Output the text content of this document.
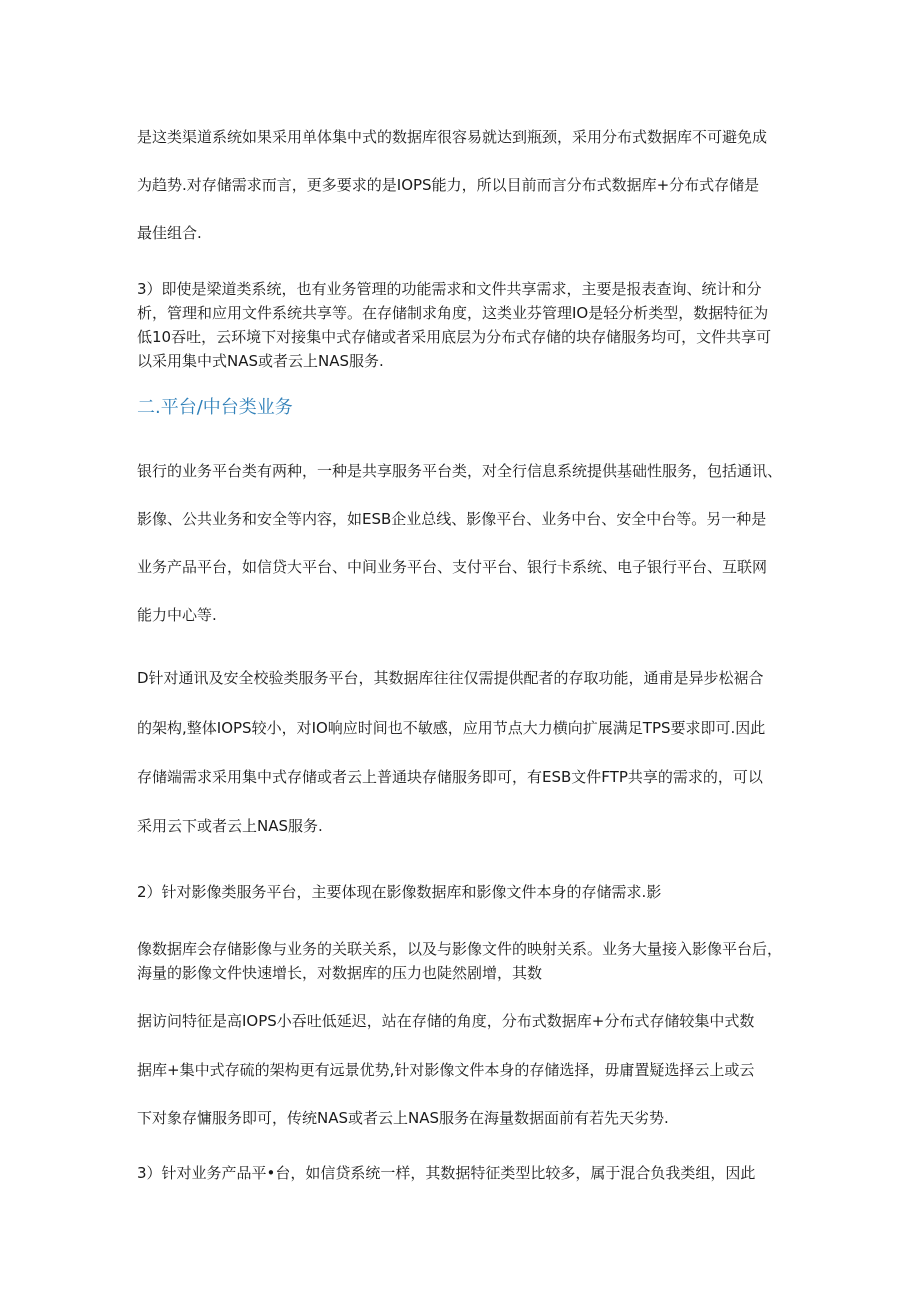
是这类渠道系统如果采用单体集中式的数据库很容易就达到瓶颈，采用分布式数据库不可避免成
为趋势.对存储需求而言，更多要求的是IOPS能力，所以目前而言分布式数据库+分布式存储是
最佳组合.
3）即使是梁道类系统，也有业务管理的功能需求和文件共享需求，主要是报表查询、统计和分
析，管理和应用文件系统共享等。在存储制求角度，这类业芬管理IO是轻分析类型，数据特征为
低10吞吐，云环境下对接集中式存储或者采用底层为分布式存储的块存储服务均可，文件共享可
以采用集中式NAS或者云上NAS服务.
二.平台/中台类业务
银行的业务平台类有两种，一种是共享服务平台类，对全行信息系统提供基础性服务，包括通讯、
影像、公共业务和安全等内容，如ESB企业总线、影像平台、业务中台、安全中台等。另一种是
业务产品平台，如信贷大平台、中间业务平台、支付平台、银行卡系统、电子银行平台、互联网
能力中心等.
D针对通讯及安全校验类服务平台，其数据库往往仅需提供配者的存取功能，通甫是异步松裾合
的架构,整体IOPS较小，对IO响应时间也不敏感，应用节点大力横向扩展满足TPS要求即可.因此
存储端需求采用集中式存储或者云上普通块存储服务即可，有ESB文件FTP共享的需求的，可以
采用云下或者云上NAS服务.
2）针对影像类服务平台，主要体现在影像数据库和影像文件本身的存储需求.影
像数据库会存储影像与业务的关联关系，以及与影像文件的映射关系。业务大量接入影像平台后，
海量的影像文件快速增长，对数据库的压力也陡然剧增，其数
据访问特征是高IOPS小吞吐低延迟，站在存储的角度，分布式数据库+分布式存储较集中式数
据库+集中式存硫的架构更有远景优势,针对影像文件本身的存储选择，毋庸置疑选择云上或云
下对象存慵服务即可，传统NAS或者云上NAS服务在海量数据面前有若先天劣势.
3）针对业务产品平•台，如信贷系统一样，其数据特征类型比较多，属于混合负我类组，因此
